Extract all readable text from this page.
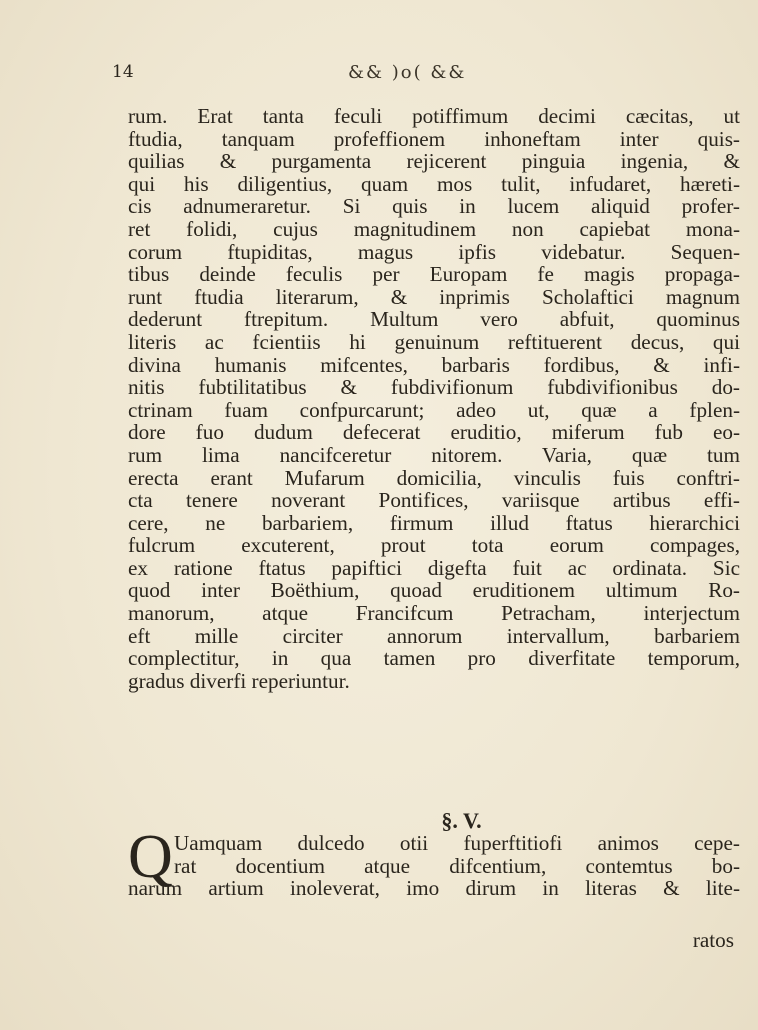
14	&& )o( &&
rum. Erat tanta feculi potiffimum decimi cæcitas, ut
ftudia, tanquam profeffionem inhoneftam inter quis-
quilias & purgamenta rejicerent pinguia ingenia, &
qui his diligentius, quam mos tulit, infudaret, hæreti-
cis adnumeraretur. Si quis in lucem aliquid profer-
ret folidi, cujus magnitudinem non capiebat mona-
corum ftupiditas, magus ipfis videbatur. Sequen-
tibus deinde feculis per Europam fe magis propaga-
runt ftudia literarum, & inprimis Scholaftici magnum
dederunt ftrepitum. Multum vero abfuit, quominus
literis ac fcientiis hi genuinum reftituerent decus, qui
divina humanis mifcentes, barbaris fordibus, & infi-
nitis fubtilitatibus & fubdivifionum fubdivifionibus do-
ctrinam fuam confpurcarunt; adeo ut, quæ a fplen-
dore fuo dudum defecerat eruditio, miferum fub eo-
rum lima nancifceretur nitorem. Varia, quæ tum
erecta erant Mufarum domicilia, vinculis fuis conftri-
cta tenere noverant Pontifices, variisque artibus effi-
cere, ne barbariem, firmum illud ftatus hierarchici
fulcrum excuterent, prout tota eorum compages,
ex ratione ftatus papiftici digefta fuit ac ordinata. Sic
quod inter Boëthium, quoad eruditionem ultimum Ro-
manorum, atque Francifcum Petracham, interjectum
eft mille circiter annorum intervallum, barbariem
complectitur, in qua tamen pro diverfitate temporum,
gradus diverfi reperiuntur.
§. V.
Q Uamquam dulcedo otii fuperftitiofi animos cepe-
rat docentium atque difcentium, contemtus bo-
narum artium inoleverat, imo dirum in literas & lite-
ratos
